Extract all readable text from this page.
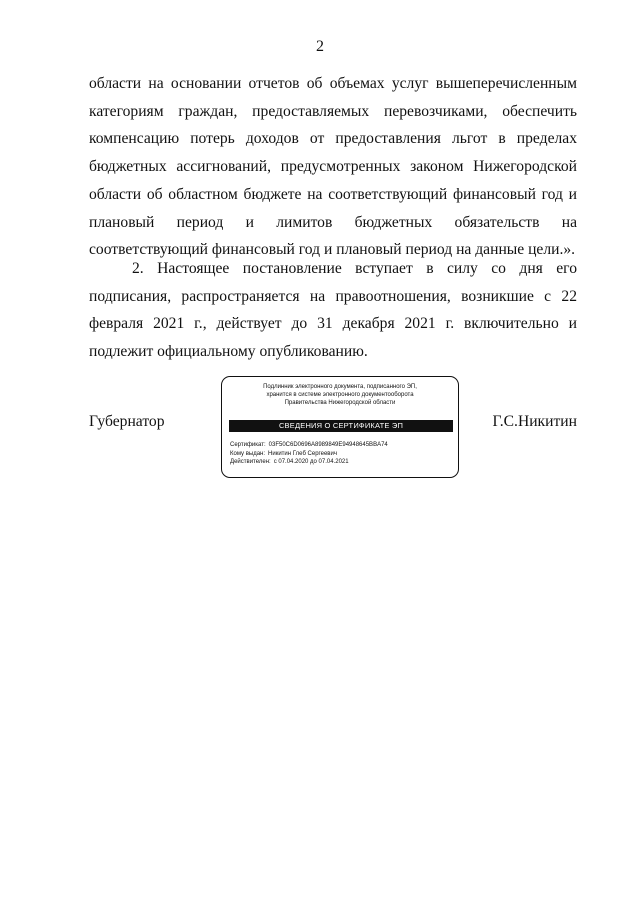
2

области на основании отчетов об объемах услуг вышеперечисленным категориям граждан, предоставляемых перевозчиками, обеспечить компенсацию потерь доходов от предоставления льгот в пределах бюджетных ассигнований, предусмотренных законом Нижегородской области об областном бюджете на соответствующий финансовый год и плановый период и лимитов бюджетных обязательств на соответствующий финансовый год и плановый период на данные цели.».

2. Настоящее постановление вступает в силу со дня его подписания, распространяется на правоотношения, возникшие с 22 февраля 2021 г., действует до 31 декабря 2021 г. включительно и подлежит официальному опубликованию.

Губернатор
Подлинник электронного документа, подписанного ЭП,
хранится в системе электронного документооборота
Правительства Нижегородской области
СВЕДЕНИЯ О СЕРТИФИКАТЕ ЭП
Сертификат: 03F50C6D0696A8989849E94948645BBA74
Кому выдан: Никитин Глеб Сергеевич
Действителен: с 07.04.2020 до 07.04.2021
Г.С.Никитин
